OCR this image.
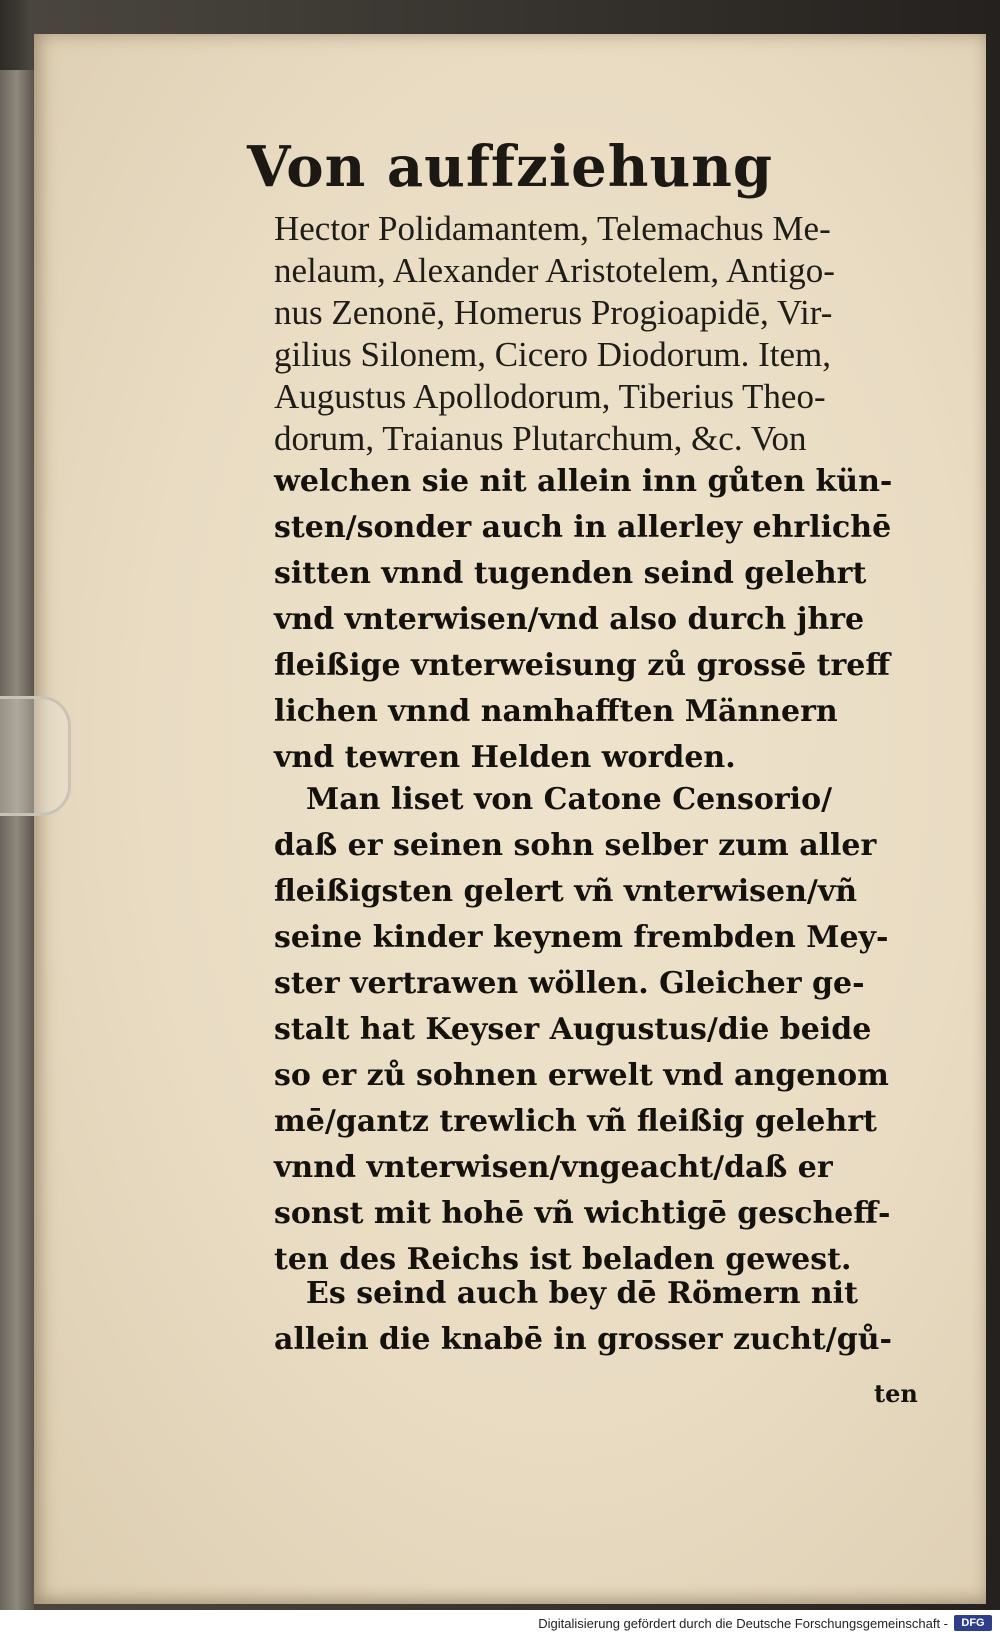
Von auffziehung
Hector Polidamantem, Telemachus Me-
nelaum, Alexander Aristotelem, Antigo-
nus Zenonē, Homerus Progioapidē, Vir-
gilius Silonem, Cicero Diodorum. Item,
Augustus Apollodorum, Tiberius Theo-
dorum, Traianus Plutarchum, &c. Von
welchen sie nit allein inn gůten kün-
sten/sonder auch in allerley ehrlichē
sitten vnnd tugenden seind gelehrt
vnd vnterwisen/vnd also durch jhre
fleißige vnterweisung zů grossē treff
lichen vnnd namhafften Männern
vnd tewren Helden worden.
Man liset von Catone Censorio/
daß er seinen sohn selber zum aller
fleißigsten gelert vñ vnterwisen/vñ
seine kinder keynem frembden Mey-
ster vertrawen wöllen. Gleicher ge-
stalt hat Keyser Augustus/die beide
so er zů sohnen erwelt vnd angenom
mē/gantz trewlich vñ fleißig gelehrt
vnnd vnterwisen/vngeacht/daß er
sonst mit hohē vñ wichtigē gescheff-
ten des Reichs ist beladen gewest.
Es seind auch bey dē Römern nit
allein die knabē in grosser zucht/gů-
ten
Digitalisierung gefördert durch die Deutsche Forschungsgemeinschaft -	DFG
